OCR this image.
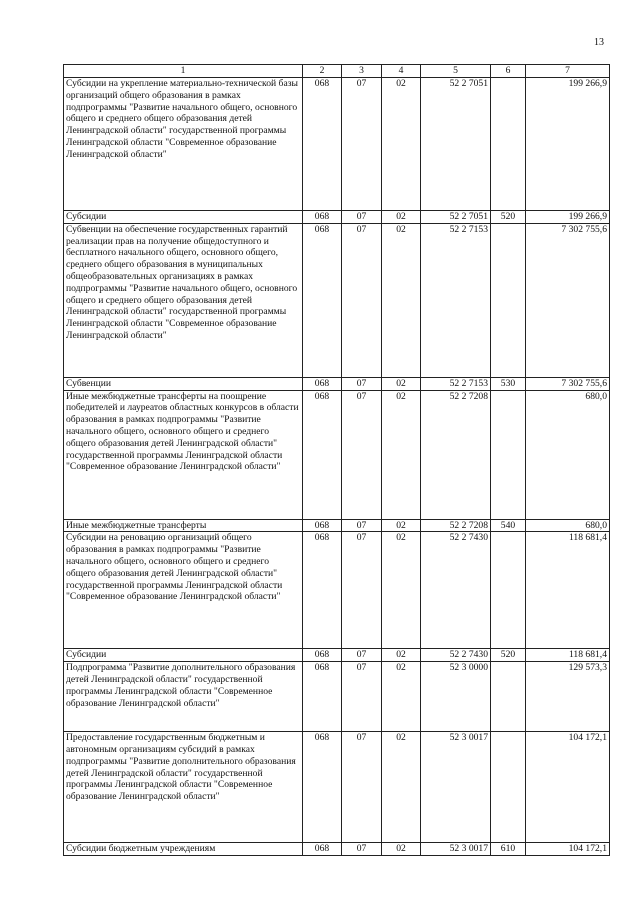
13
1	2	3	4	5	6	7
Субсидии на укрепление материально-технической базы организаций общего образования в рамках подпрограммы "Развитие начального общего, основного общего и среднего общего образования детей Ленинградской области" государственной программы Ленинградской области "Современное образование Ленинградской области"	068	07	02	52 2 7051		199 266,9
Субсидии	068	07	02	52 2 7051	520	199 266,9
Субвенции на обеспечение государственных гарантий реализации прав на получение общедоступного и бесплатного начального общего, основного общего, среднего общего образования в муниципальных общеобразовательных организациях в рамках подпрограммы "Развитие начального общего, основного общего и среднего общего образования детей Ленинградской области" государственной программы Ленинградской области "Современное образование Ленинградской области"	068	07	02	52 2 7153		7 302 755,6
Субвенции	068	07	02	52 2 7153	530	7 302 755,6
Иные межбюджетные трансферты на поощрение победителей и лауреатов областных конкурсов в области образования в рамках подпрограммы "Развитие начального общего, основного общего и среднего общего образования детей Ленинградской области" государственной программы Ленинградской области "Современное образование Ленинградской области"	068	07	02	52 2 7208		680,0
Иные межбюджетные трансферты	068	07	02	52 2 7208	540	680,0
Субсидии на реновацию организаций общего образования в рамках подпрограммы "Развитие начального общего, основного общего и среднего общего образования детей Ленинградской области" государственной программы Ленинградской области "Современное образование Ленинградской области"	068	07	02	52 2 7430		118 681,4
Субсидии	068	07	02	52 2 7430	520	118 681,4
Подпрограмма "Развитие дополнительного образования детей Ленинградской области" государственной программы Ленинградской области "Современное образование Ленинградской области"	068	07	02	52 3 0000		129 573,3
Предоставление государственным бюджетным и автономным организациям субсидий в рамках подпрограммы "Развитие дополнительного образования детей Ленинградской области" государственной программы Ленинградской области "Современное образование Ленинградской области"	068	07	02	52 3 0017		104 172,1
Субсидии бюджетным учреждениям	068	07	02	52 3 0017	610	104 172,1
